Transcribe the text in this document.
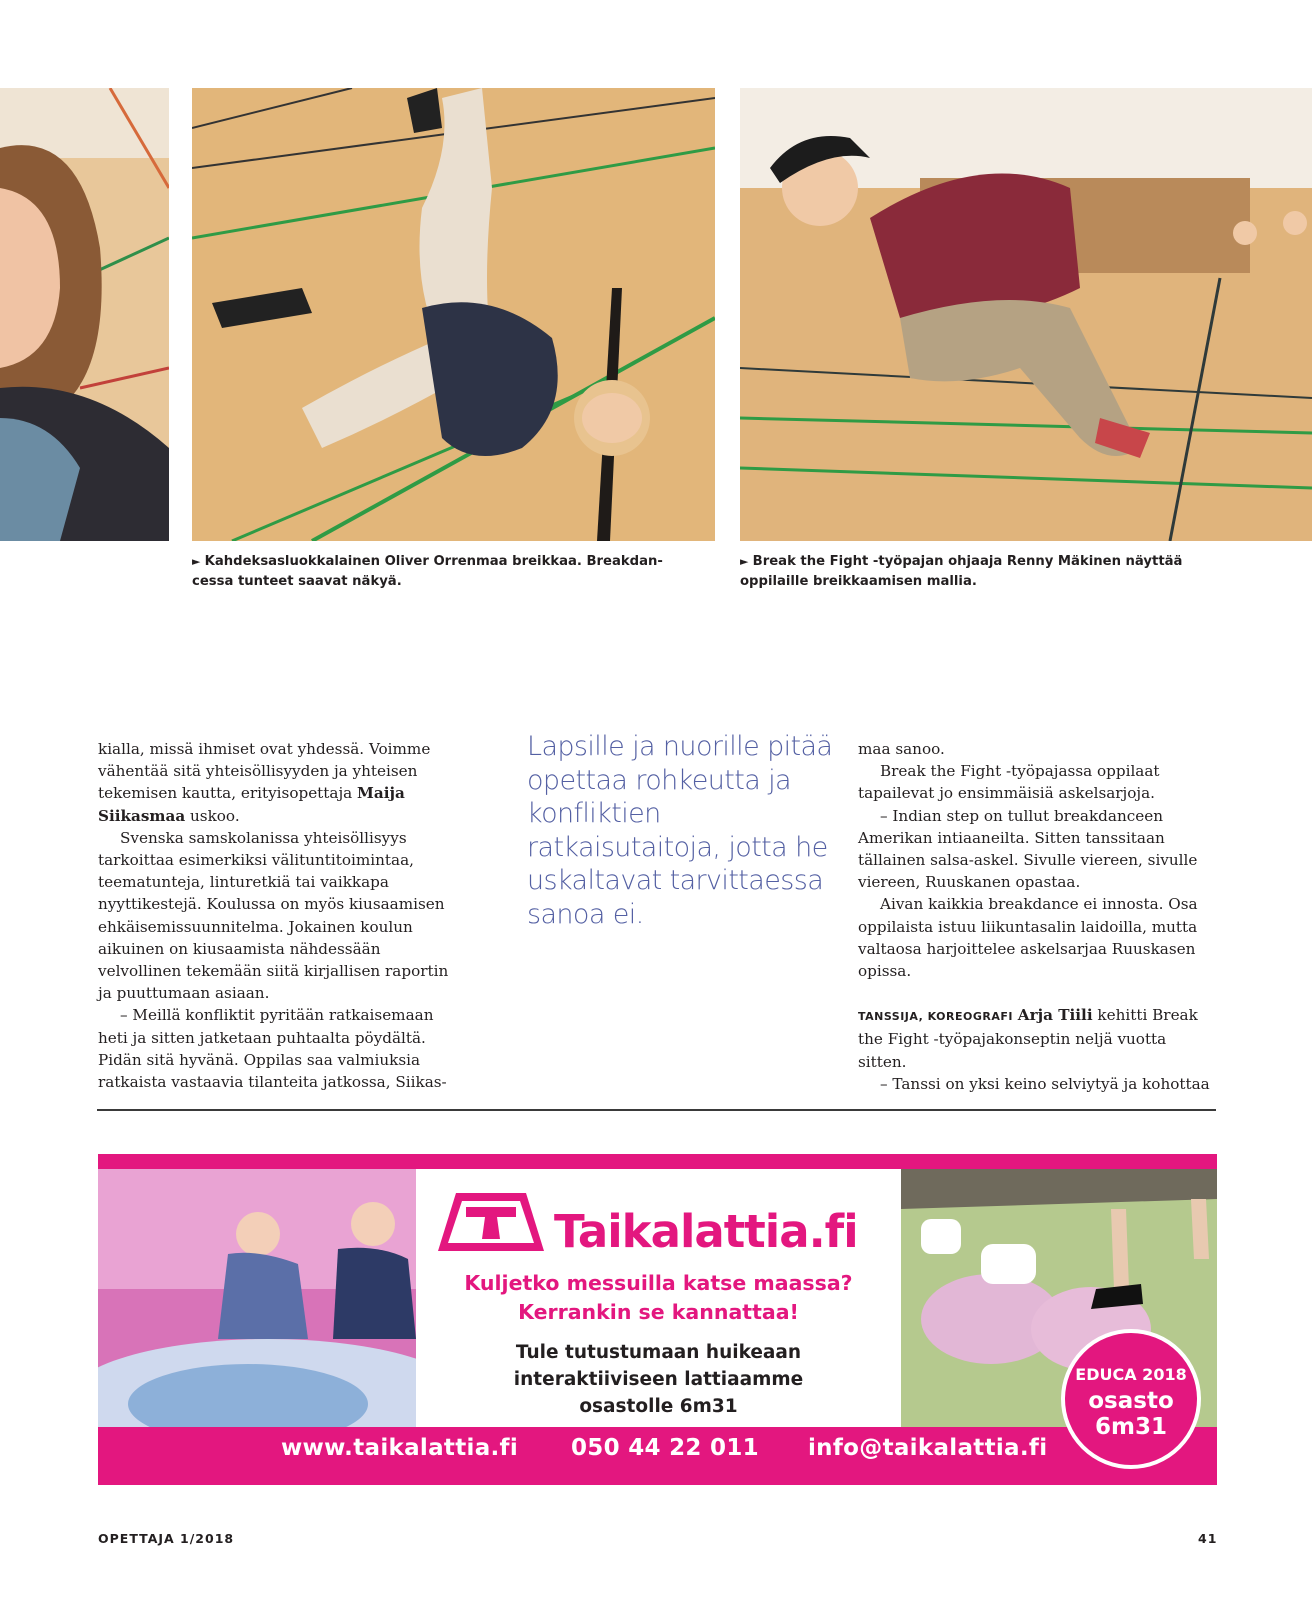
► Kahdeksasluokkalainen Oliver Orrenmaa breikkaa. Breakdan-
cessa tunteet saavat näkyä.
► Break the Fight -työpajan ohjaaja Renny Mäkinen näyttää
oppilaille breikkaamisen mallia.

kialla, missä ihmiset ovat yhdessä. Voimme vähentää sitä yhteisöllisyyden ja yhteisen tekemisen kautta, erityisopettaja Maija Siikasmaa uskoo.

Svenska samskolanissa yhteisöllisyys tarkoittaa esimerkiksi välituntitoimintaa, teematunteja, linturetkiä tai vaikkapa nyyttikestejä. Koulussa on myös kiusaamisen ehkäisemissuunnitelma. Jokainen koulun aikuinen on kiusaamista nähdessään velvollinen tekemään siitä kirjallisen raportin ja puuttumaan asiaan.

– Meillä konfliktit pyritään ratkaisemaan heti ja sitten jatketaan puhtaalta pöydältä. Pidän sitä hyvänä. Oppilas saa valmiuksia ratkaista vastaavia tilanteita jatkossa, Siikas-

Lapsille ja nuorille pitää opettaa rohkeutta ja konfliktien ratkaisutaitoja, jotta he uskaltavat tarvittaessa sanoa ei.

maa sanoo.

Break the Fight -työpajassa oppilaat tapailevat jo ensimmäisiä askelsarjoja.

– Indian step on tullut breakdanceen Amerikan intiaaneilta. Sitten tanssitaan tällainen salsa-askel. Sivulle viereen, sivulle viereen, Ruuskanen opastaa.

Aivan kaikkia breakdance ei innosta. Osa oppilaista istuu liikuntasalin laidoilla, mutta valtaosa harjoittelee askelsarjaa Ruuskasen opissa.

TANSSIJA, KOREOGRAFI Arja Tiili kehitti Break the Fight -työpajakonseptin neljä vuotta sitten.

– Tanssi on yksi keino selviytyä ja kohottaa

Taikalattia.fi
Kuljetko messuilla katse maassa?
Kerrankin se kannattaa!
Tule tutustumaan huikeaan
interaktiiviseen lattiaamme
osastolle 6m31
www.taikalattia.fi 050 44 22 011 info@taikalattia.fi
EDUCA 2018
osasto
6m31
OPETTAJA 1/2018	41
